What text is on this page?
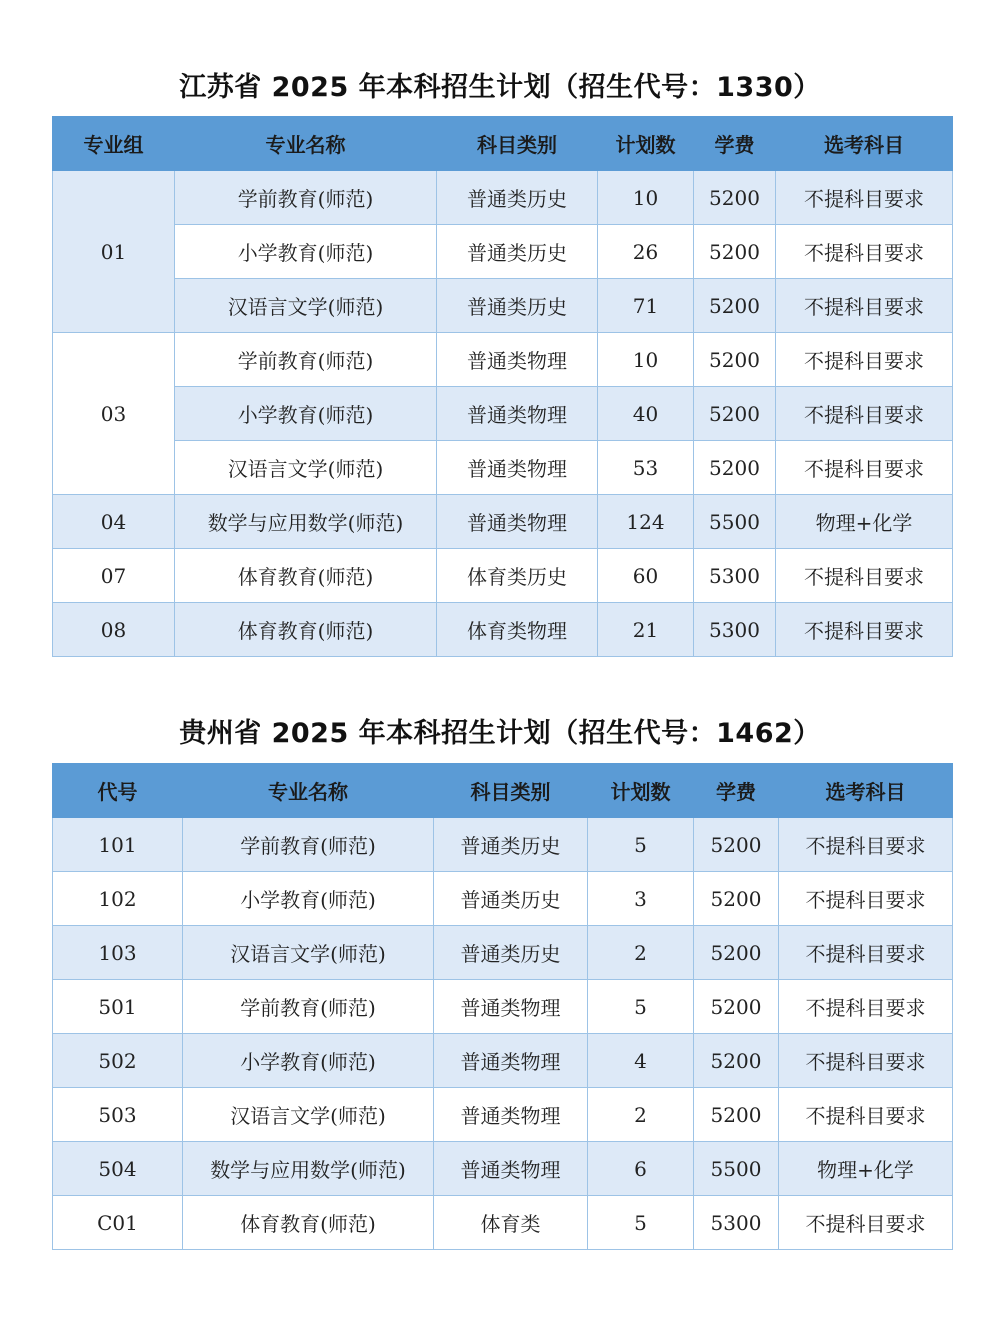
江苏省 2025 年本科招生计划（招生代号：1330）
专业组	专业名称	科目类别	计划数	学费	选考科目
01	学前教育(师范)	普通类历史	10	5200	不提科目要求
	小学教育(师范)	普通类历史	26	5200	不提科目要求
	汉语言文学(师范)	普通类历史	71	5200	不提科目要求
03	学前教育(师范)	普通类物理	10	5200	不提科目要求
	小学教育(师范)	普通类物理	40	5200	不提科目要求
	汉语言文学(师范)	普通类物理	53	5200	不提科目要求
04	数学与应用数学(师范)	普通类物理	124	5500	物理+化学
07	体育教育(师范)	体育类历史	60	5300	不提科目要求
08	体育教育(师范)	体育类物理	21	5300	不提科目要求
贵州省 2025 年本科招生计划（招生代号：1462）
代号	专业名称	科目类别	计划数	学费	选考科目
101	学前教育(师范)	普通类历史	5	5200	不提科目要求
102	小学教育(师范)	普通类历史	3	5200	不提科目要求
103	汉语言文学(师范)	普通类历史	2	5200	不提科目要求
501	学前教育(师范)	普通类物理	5	5200	不提科目要求
502	小学教育(师范)	普通类物理	4	5200	不提科目要求
503	汉语言文学(师范)	普通类物理	2	5200	不提科目要求
504	数学与应用数学(师范)	普通类物理	6	5500	物理+化学
C01	体育教育(师范)	体育类	5	5300	不提科目要求
